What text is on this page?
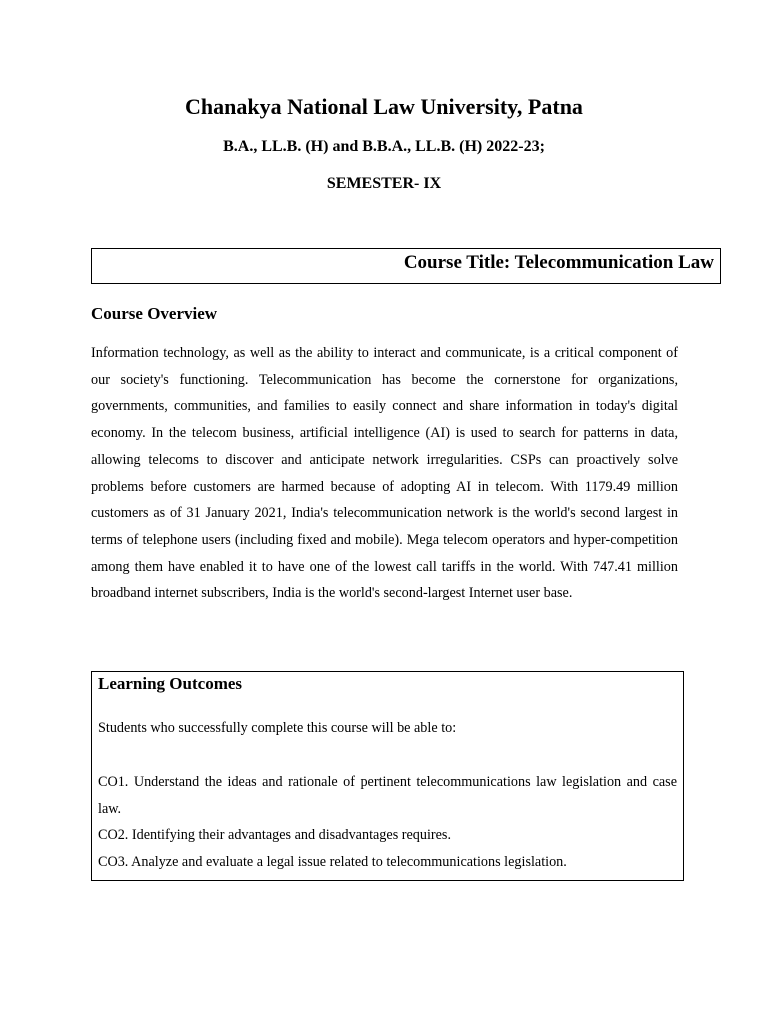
Chanakya National Law University, Patna
B.A., LL.B. (H) and B.B.A., LL.B. (H) 2022-23;
SEMESTER- IX
Course Title: Telecommunication Law
Course Overview

Information technology, as well as the ability to interact and communicate, is a critical component of our society's functioning. Telecommunication has become the cornerstone for organizations, governments, communities, and families to easily connect and share information in today's digital economy. In the telecom business, artificial intelligence (AI) is used to search for patterns in data, allowing telecoms to discover and anticipate network irregularities. CSPs can proactively solve problems before customers are harmed because of adopting AI in telecom. With 1179.49 million customers as of 31 January 2021, India's telecommunication network is the world's second largest in terms of telephone users (including fixed and mobile). Mega telecom operators and hyper-competition among them have enabled it to have one of the lowest call tariffs in the world. With 747.41 million broadband internet subscribers, India is the world's second-largest Internet user base.

Learning Outcomes
Students who successfully complete this course will be able to:
CO1. Understand the ideas and rationale of pertinent telecommunications law legislation and case law.
CO2. Identifying their advantages and disadvantages requires.
CO3. Analyze and evaluate a legal issue related to telecommunications legislation.
